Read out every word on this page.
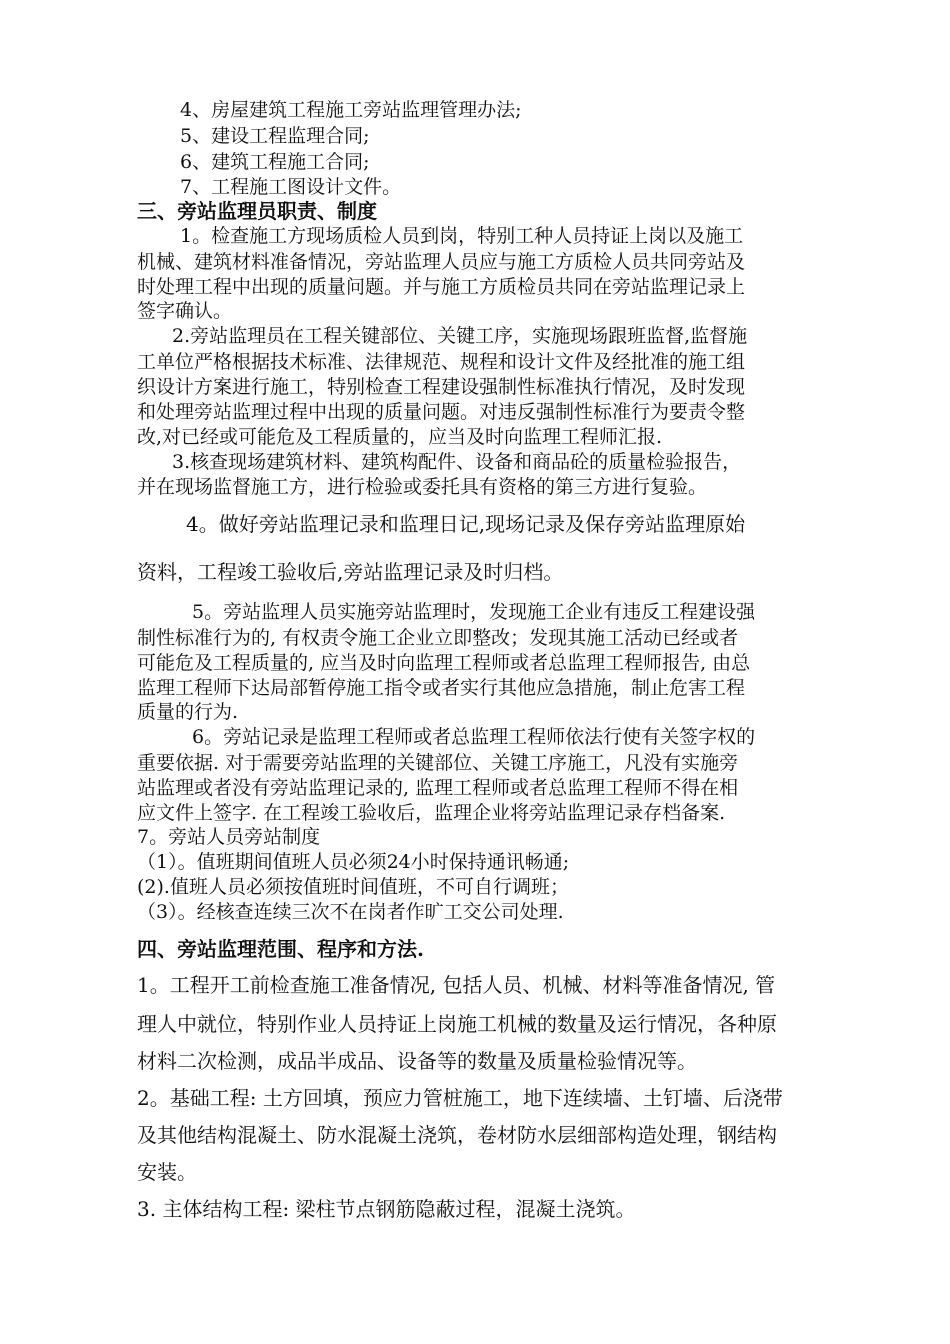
4、房屋建筑工程施工旁站监理管理办法;
5、建设工程监理合同;
6、建筑工程施工合同;
7、工程施工图设计文件。
三、旁站监理员职责、制度
1。检查施工方现场质检人员到岗，特别工种人员持证上岗以及施工
机械、建筑材料准备情况，旁站监理人员应与施工方质检人员共同旁站及
时处理工程中出现的质量问题。并与施工方质检员共同在旁站监理记录上
签字确认。
2.旁站监理员在工程关键部位、关键工序，实施现场跟班监督,监督施
工单位严格根据技术标准、法律规范、规程和设计文件及经批准的施工组
织设计方案进行施工，特别检查工程建设强制性标准执行情况，及时发现
和处理旁站监理过程中出现的质量问题。对违反强制性标准行为要责令整
改,对已经或可能危及工程质量的，应当及时向监理工程师汇报.
3.核查现场建筑材料、建筑构配件、设备和商品砼的质量检验报告，
并在现场监督施工方，进行检验或委托具有资格的第三方进行复验。
4。做好旁站监理记录和监理日记,现场记录及保存旁站监理原始
资料，工程竣工验收后,旁站监理记录及时归档。
5。旁站监理人员实施旁站监理时，发现施工企业有违反工程建设强
制性标准行为的, 有权责令施工企业立即整改；发现其施工活动已经或者
可能危及工程质量的, 应当及时向监理工程师或者总监理工程师报告, 由总
监理工程师下达局部暂停施工指令或者实行其他应急措施，制止危害工程
质量的行为.
6。旁站记录是监理工程师或者总监理工程师依法行使有关签字权的
重要依据. 对于需要旁站监理的关键部位、关键工序施工，凡没有实施旁
站监理或者没有旁站监理记录的, 监理工程师或者总监理工程师不得在相
应文件上签字. 在工程竣工验收后，监理企业将旁站监理记录存档备案.
7。旁站人员旁站制度
（1）。值班期间值班人员必须24小时保持通讯畅通;
(2).值班人员必须按值班时间值班，不可自行调班；
（3）。经核查连续三次不在岗者作旷工交公司处理.
四、旁站监理范围、程序和方法.
1。工程开工前检查施工准备情况, 包括人员、机械、材料等准备情况, 管
理人中就位，特别作业人员持证上岗施工机械的数量及运行情况，各种原
材料二次检测，成品半成品、设备等的数量及质量检验情况等。
2。基础工程: 土方回填，预应力管桩施工，地下连续墙、土钉墙、后浇带
及其他结构混凝土、防水混凝土浇筑，卷材防水层细部构造处理，钢结构
安装。
3. 主体结构工程: 梁柱节点钢筋隐蔽过程，混凝土浇筑。
